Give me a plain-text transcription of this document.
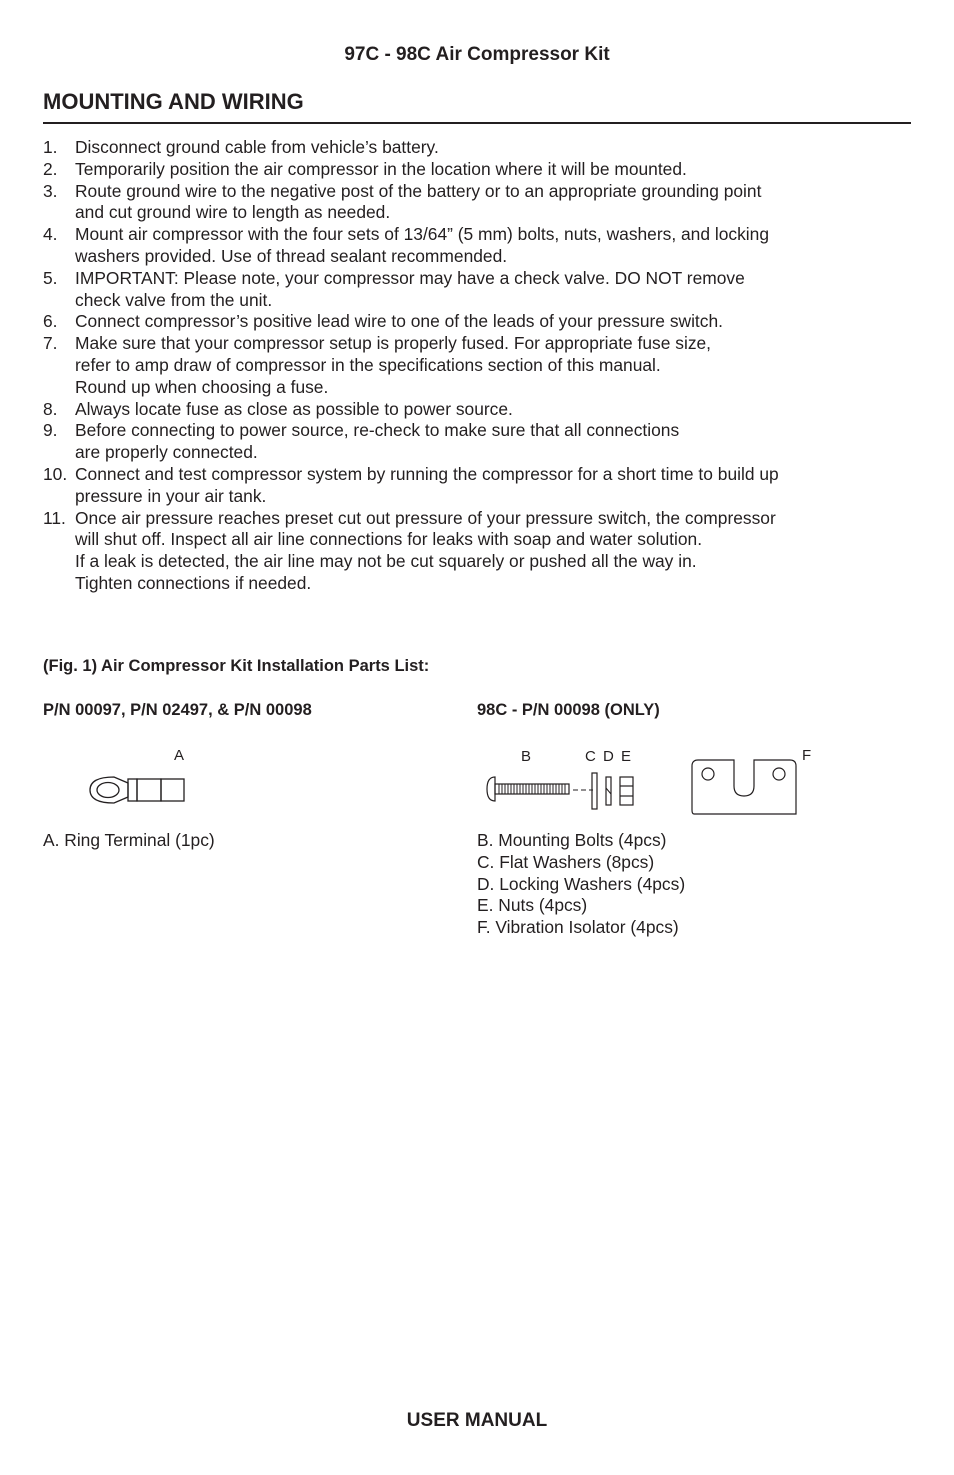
97C - 98C Air Compressor Kit
MOUNTING AND WIRING
1.	Disconnect ground cable from vehicle’s battery.
2.	Temporarily position the air compressor in the location where it will be mounted.
3.	Route ground wire to the negative post of the battery or to an appropriate grounding point
and cut ground wire to length as needed.
4.	Mount air compressor with the four sets of 13/64” (5 mm) bolts, nuts, washers, and locking
washers provided. Use of thread sealant recommended.
5.	IMPORTANT: Please note, your compressor may have a check valve. DO NOT remove
check valve from the unit.
6.	Connect compressor’s positive lead wire to one of the leads of your pressure switch.
7.	Make sure that your compressor setup is properly fused. For appropriate fuse size,
refer to amp draw of compressor in the specifications section of this manual.
Round up when choosing a fuse.
8.	Always locate fuse as close as possible to power source.
9.	Before connecting to power source, re-check to make sure that all connections
are properly connected.
10. Connect and test compressor system by running the compressor for a short time to build up
pressure in your air tank.
11. Once air pressure reaches preset cut out pressure of your pressure switch, the compressor
will shut off. Inspect all air line connections for leaks with soap and water solution.
If a leak is detected, the air line may not be cut squarely or pushed all the way in.
Tighten connections if needed.
(Fig. 1) Air Compressor Kit Installation Parts List:
P/N 00097, P/N 02497, & P/N 00098	98C - P/N 00098 (ONLY)
A	B	C D E	F
A. Ring Terminal (1pc)	B. Mounting Bolts (4pcs)
C. Flat Washers (8pcs)
D. Locking Washers (4pcs)
E. Nuts (4pcs)
F. Vibration Isolator (4pcs)
USER MANUAL
